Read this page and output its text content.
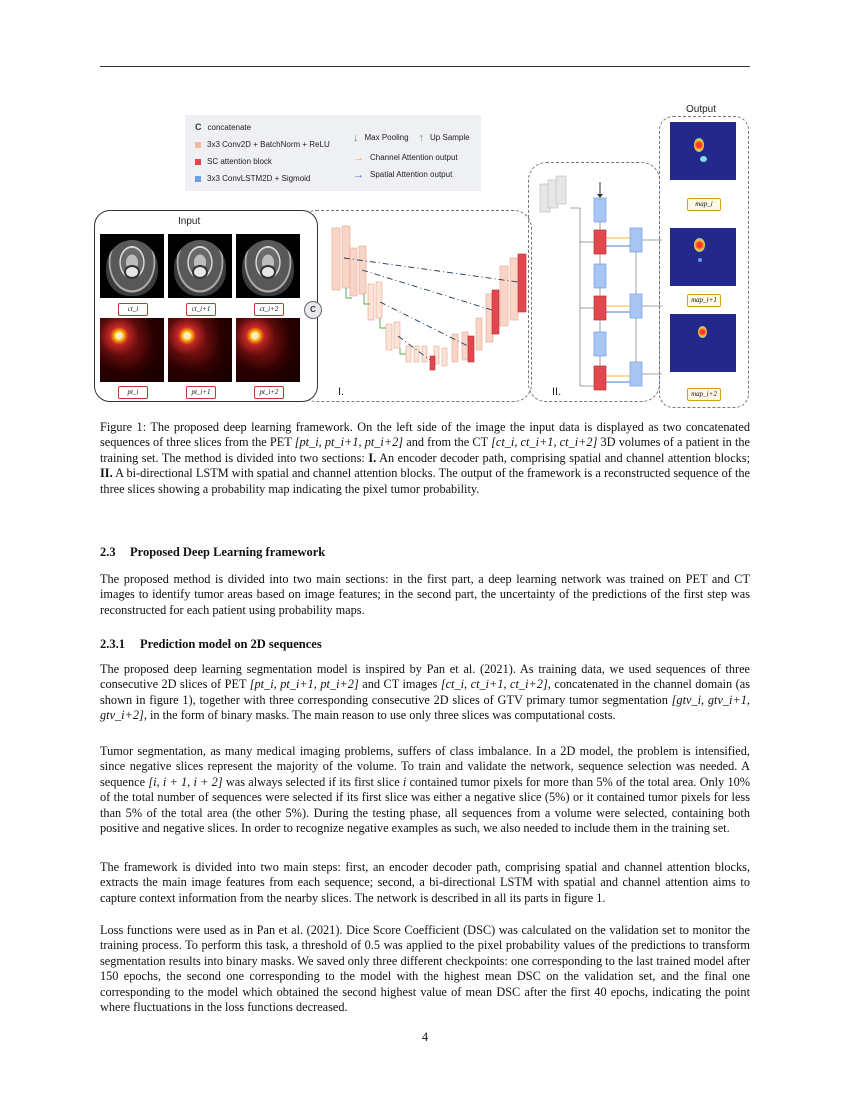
C concatenate
3x3 Conv2D + BatchNorm + ReLU
SC attention block
3x3 ConvLSTM2D + Sigmoid
↓ Max Pooling ↑ Up Sample
→ Channel Attention output
→ Spatial Attention output
Input
ct_i	ct_i+1	ct_i+2
pt_i	pt_i+1	pt_i+2
C
I.	II.
Output
map_i
map_i+1
map_i+2
Figure 1: The proposed deep learning framework. On the left side of the image the input data is displayed as two concatenated sequences of three slices from the PET [pt_i, pt_i+1, pt_i+2] and from the CT [ct_i, ct_i+1, ct_i+2] 3D volumes of a patient in the training set. The method is divided into two sections: I. An encoder decoder path, comprising spatial and channel attention blocks; II. A bi-directional LSTM with spatial and channel attention blocks. The output of the framework is a reconstructed sequence of the three slices showing a probability map indicating the pixel tumor probability.
2.3 Proposed Deep Learning framework

The proposed method is divided into two main sections: in the first part, a deep learning network was trained on PET and CT images to identify tumor areas based on image features; in the second part, the uncertainty of the predictions of the first step was reconstructed for each patient using probability maps.

2.3.1 Prediction model on 2D sequences

The proposed deep learning segmentation model is inspired by Pan et al. (2021). As training data, we used sequences of three consecutive 2D slices of PET [pt_i, pt_i+1, pt_i+2] and CT images [ct_i, ct_i+1, ct_i+2], concatenated in the channel domain (as shown in figure 1), together with three corresponding consecutive 2D slices of GTV primary tumor segmentation [gtv_i, gtv_i+1, gtv_i+2], in the form of binary masks. The main reason to use only three slices was computational costs.

Tumor segmentation, as many medical imaging problems, suffers of class imbalance. In a 2D model, the problem is intensified, since negative slices represent the majority of the volume. To train and validate the network, sequence selection was needed. A sequence [i, i + 1, i + 2] was always selected if its first slice i contained tumor pixels for more than 5% of the total area. Only 10% of the total number of sequences were selected if its first slice was either a negative slice (5%) or it contained tumor pixels for less than 5% of the total area (the other 5%). During the testing phase, all sequences from a volume were selected, containing both positive and negative slices. In order to recognize negative examples as such, we also needed to include them in the training set.

The framework is divided into two main steps: first, an encoder decoder path, comprising spatial and channel attention blocks, extracts the main image features from each sequence; second, a bi-directional LSTM with spatial and channel attention aims to capture context information from the nearby slices. The network is described in all its parts in figure 1.

Loss functions were used as in Pan et al. (2021). Dice Score Coefficient (DSC) was calculated on the validation set to monitor the training process. To perform this task, a threshold of 0.5 was applied to the pixel probability values of the predictions to transform segmentation results into binary masks. We saved only three different checkpoints: one corresponding to the last trained model after 150 epochs, the second one corresponding to the model with the highest mean DSC on the validation set, and the final one corresponding to the model which obtained the second highest value of mean DSC after the first 40 epochs, indicating the point where fluctuations in the loss functions decreased.

4
